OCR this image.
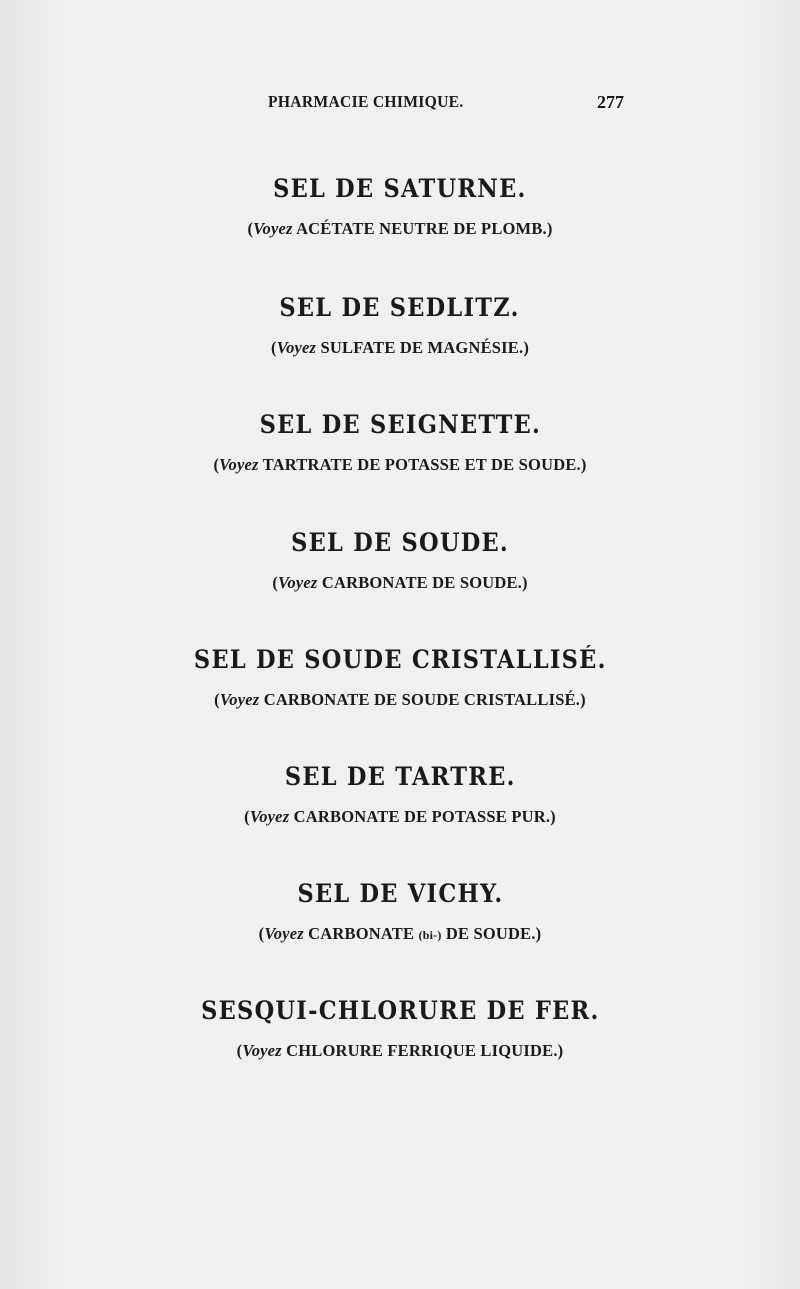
PHARMACIE CHIMIQUE.	277
SEL DE SATURNE.
(Voyez ACÉTATE NEUTRE DE PLOMB.)
SEL DE SEDLITZ.
(Voyez SULFATE DE MAGNÉSIE.)
SEL DE SEIGNETTE.
(Voyez TARTRATE DE POTASSE ET DE SOUDE.)
SEL DE SOUDE.
(Voyez CARBONATE DE SOUDE.)
SEL DE SOUDE CRISTALLISÉ.
(Voyez CARBONATE DE SOUDE CRISTALLISÉ.)
SEL DE TARTRE.
(Voyez CARBONATE DE POTASSE PUR.)
SEL DE VICHY.
(Voyez CARBONATE (bi-) DE SOUDE.)
SESQUI-CHLORURE DE FER.
(Voyez CHLORURE FERRIQUE LIQUIDE.)
